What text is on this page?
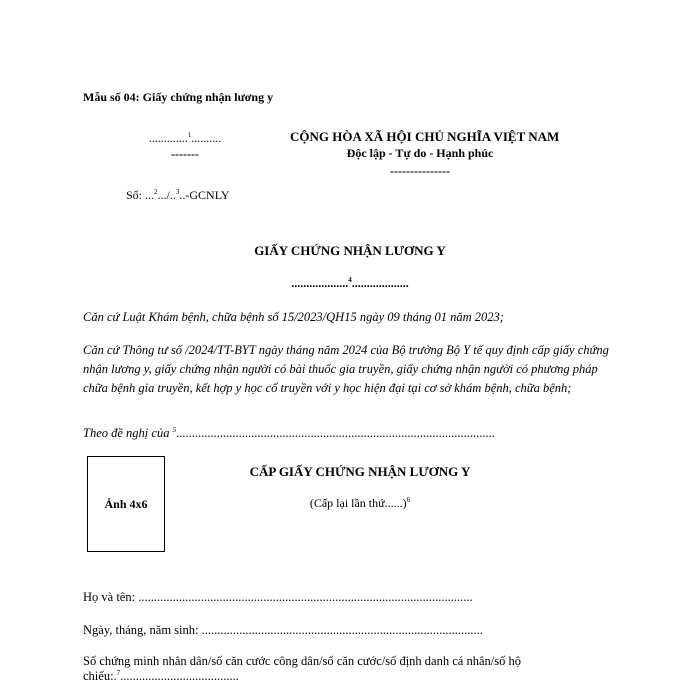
Mẫu số 04: Giấy chứng nhận lương y
.............$^1$..........
-------
CỘNG HÒA XÃ HỘI CHỦ NGHĨA VIỆT NAM
Độc lập - Tự do - Hạnh phúc
---------------
Số: ...$^2$.../..$^3$..-GCNLY
GIẤY CHỨNG NHẬN LƯƠNG Y
...................$^4$...................
Căn cứ Luật Khám bệnh, chữa bệnh số 15/2023/QH15 ngày 09 tháng 01 năm 2023;
Căn cứ Thông tư số /2024/TT-BYT ngày tháng năm 2024 của Bộ trưởng Bộ Y tế quy định cấp giấy chứng nhận lương y, giấy chứng nhận người có bài thuốc gia truyền, giấy chứng nhận người có phương pháp chữa bệnh gia truyền, kết hợp y học cổ truyền với y học hiện đại tại cơ sở khám bệnh, chữa bệnh;
Theo đề nghị của $^5$......................................................................................................
Ảnh 4x6
CẤP GIẤY CHỨNG NHẬN LƯƠNG Y
(Cấp lại lần thứ......)$^6$
Họ và tên: ...........................................................................................................
Ngày, tháng, năm sinh: ..........................................................................................
Số chứng minh nhân dân/số căn cước công dân/số căn cước/số định danh cá nhân/số hộ chiếu:.$^7$......................................
